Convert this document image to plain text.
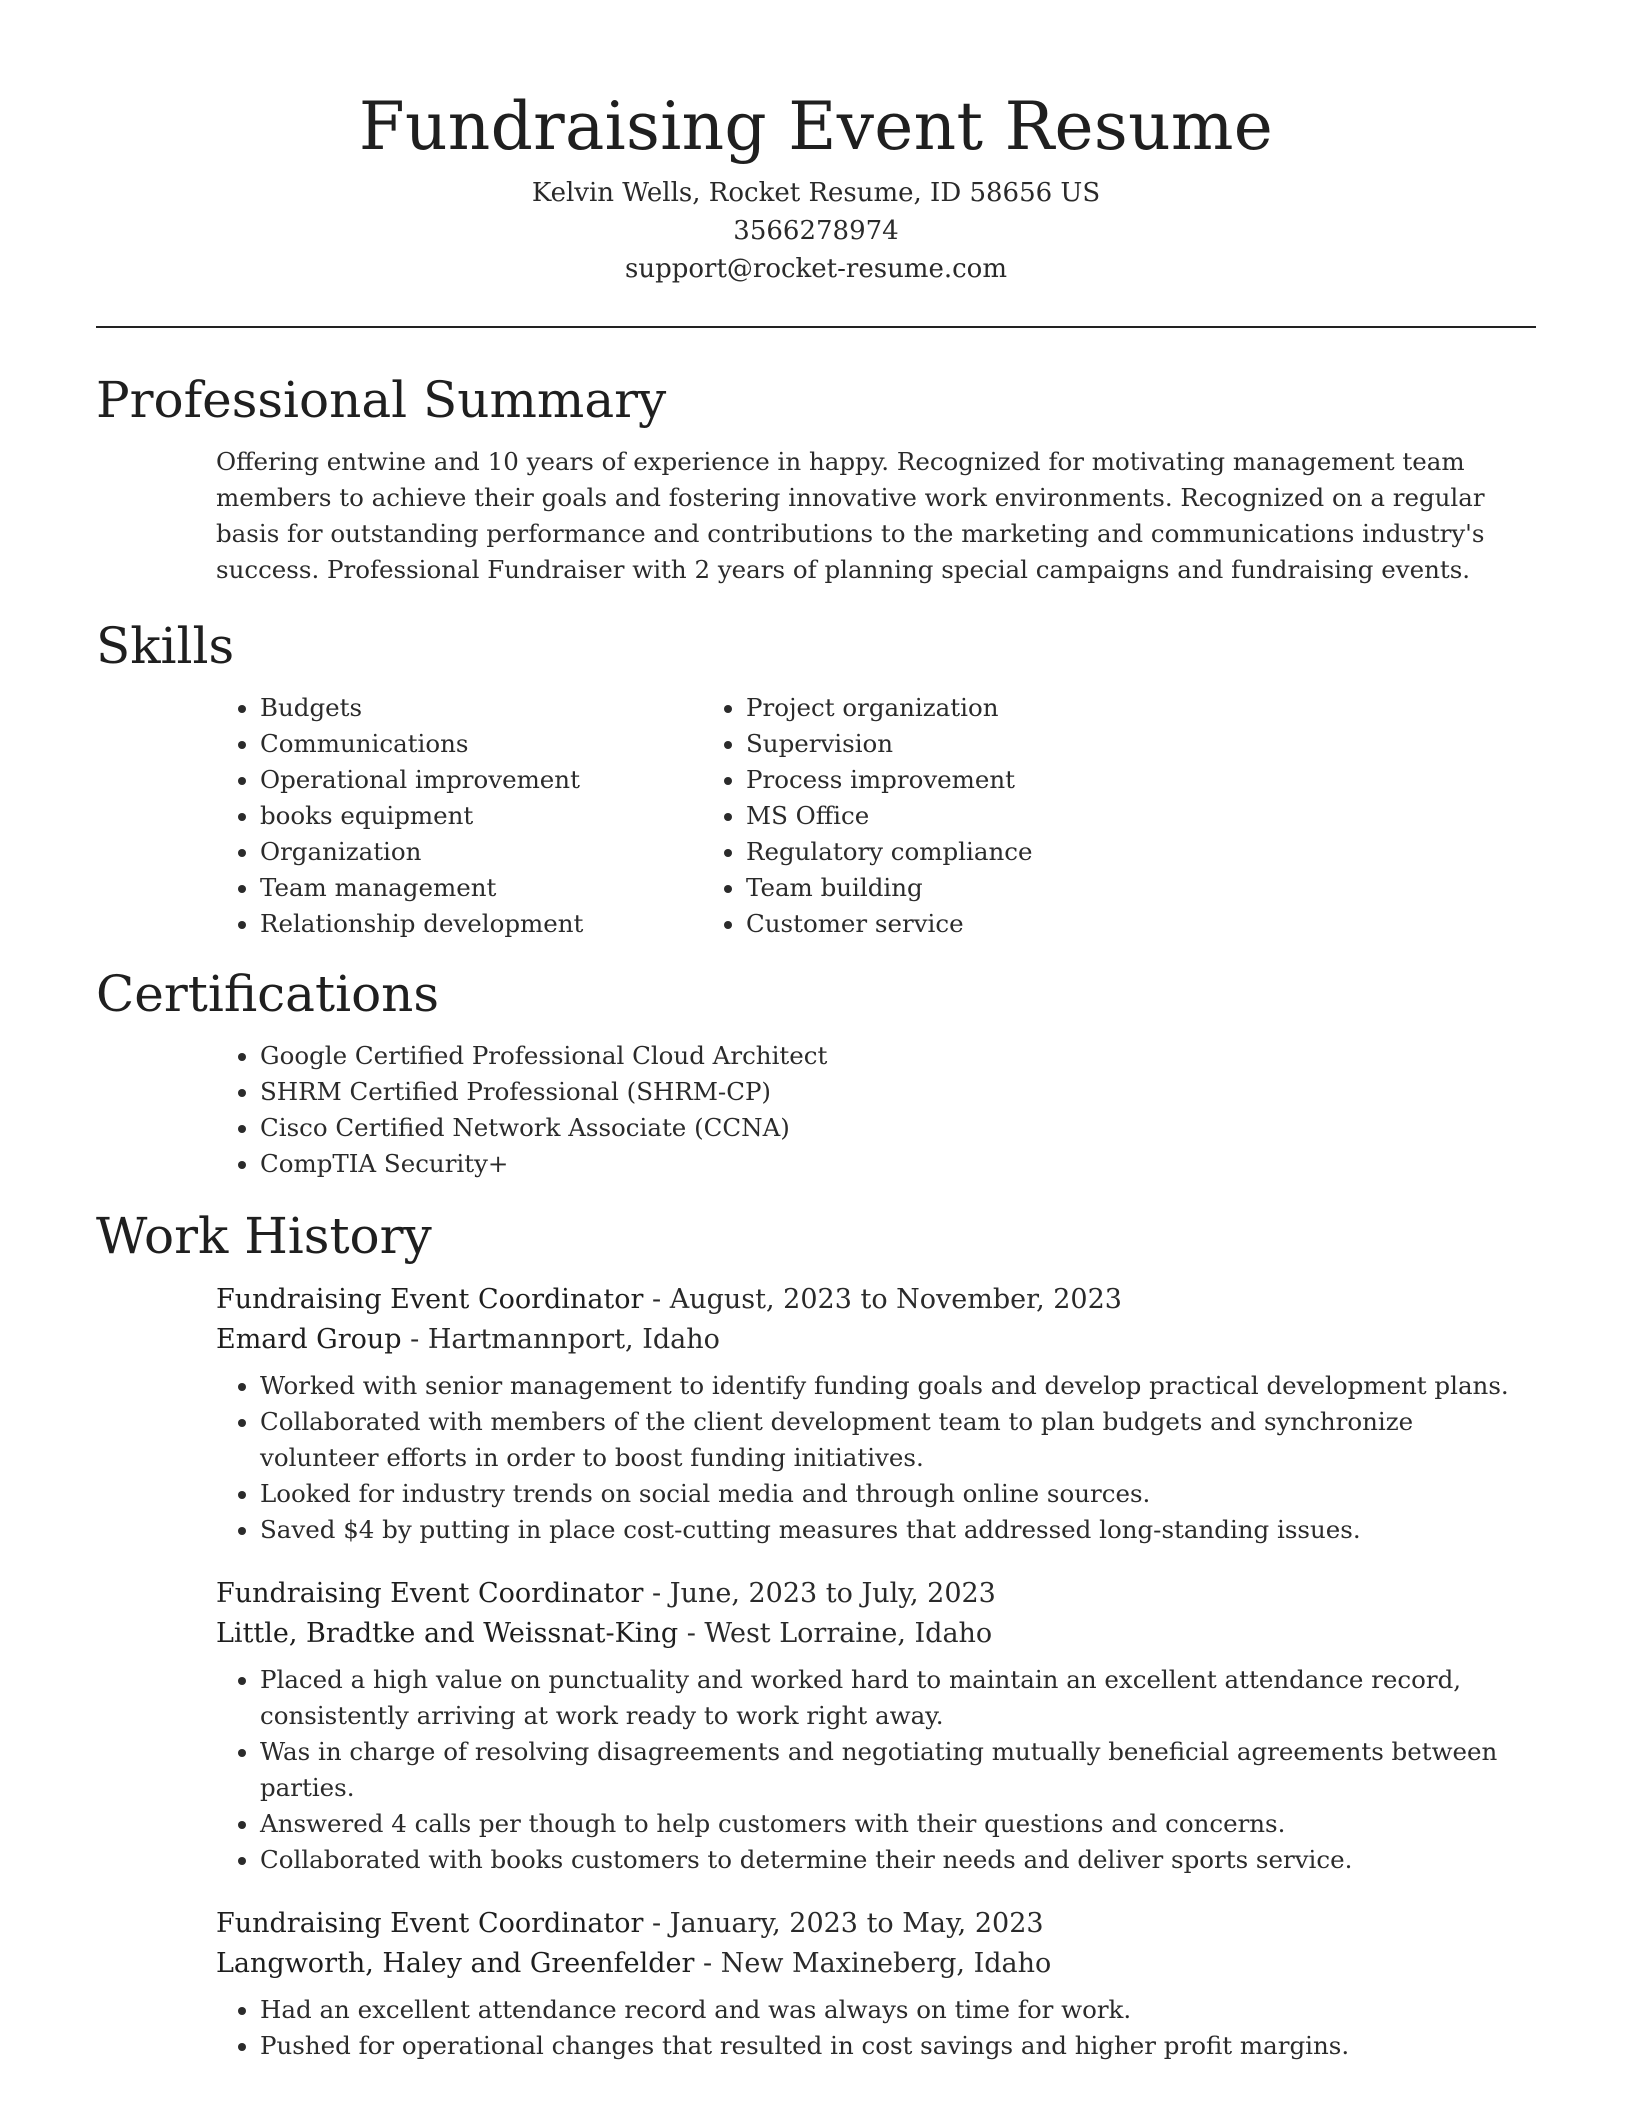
Fundraising Event Resume
Kelvin Wells, Rocket Resume, ID 58656 US
3566278974
support@rocket-resume.com
Professional Summary

Offering entwine and 10 years of experience in happy. Recognized for motivating management team members to achieve their goals and fostering innovative work environments. Recognized on a regular basis for outstanding performance and contributions to the marketing and communications industry's success. Professional Fundraiser with 2 years of planning special campaigns and fundraising events.

Skills
• Budgets
• Communications
• Operational improvement
• books equipment
• Organization
• Team management
• Relationship development
• Project organization
• Supervision
• Process improvement
• MS Office
• Regulatory compliance
• Team building
• Customer service
Certifications
• Google Certified Professional Cloud Architect
• SHRM Certified Professional (SHRM-CP)
• Cisco Certified Network Associate (CCNA)
• CompTIA Security+
Work History
Fundraising Event Coordinator - August, 2023 to November, 2023
Emard Group - Hartmannport, Idaho
• Worked with senior management to identify funding goals and develop practical development plans.
• Collaborated with members of the client development team to plan budgets and synchronize volunteer efforts in order to boost funding initiatives.
• Looked for industry trends on social media and through online sources.
• Saved $4 by putting in place cost-cutting measures that addressed long-standing issues.
Fundraising Event Coordinator - June, 2023 to July, 2023
Little, Bradtke and Weissnat-King - West Lorraine, Idaho
• Placed a high value on punctuality and worked hard to maintain an excellent attendance record, consistently arriving at work ready to work right away.
• Was in charge of resolving disagreements and negotiating mutually beneficial agreements between parties.
• Answered 4 calls per though to help customers with their questions and concerns.
• Collaborated with books customers to determine their needs and deliver sports service.
Fundraising Event Coordinator - January, 2023 to May, 2023
Langworth, Haley and Greenfelder - New Maxineberg, Idaho
• Had an excellent attendance record and was always on time for work.
• Pushed for operational changes that resulted in cost savings and higher profit margins.
